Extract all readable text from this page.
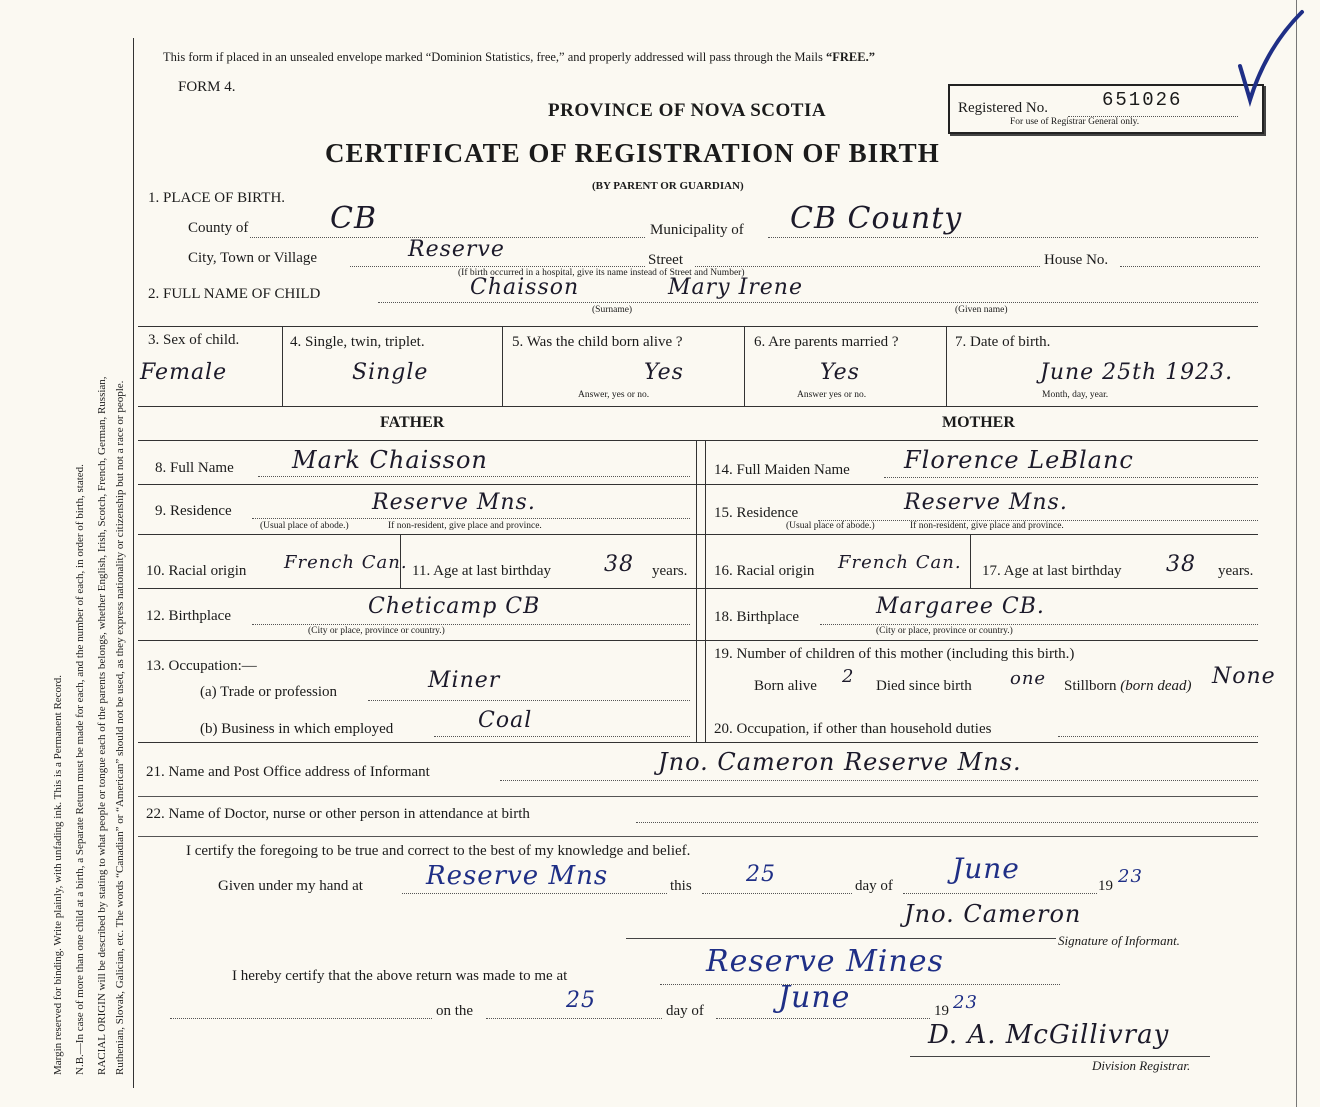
Margin reserved for binding. Write plainly, with unfading ink. This is a Permanent Record. N.B.—In case of more than one child at a birth, a Separate Return must be made for each, and the number of each, in order of birth, stated. RACIAL ORIGIN will be described by stating to what people or tongue each of the parents belongs, whether English, Irish, Scotch, French, German, Russian, Ruthenian, Slovak, Galician, etc. The words “Canadian” or “American” should not be used, as they express nationality or citizenship but not a race or people.
This form if placed in an unsealed envelope marked “Dominion Statistics, free,” and properly addressed will pass through the Mails “FREE.”
FORM 4.
PROVINCE OF NOVA SCOTIA
CERTIFICATE OF REGISTRATION OF BIRTH
(BY PARENT OR GUARDIAN)
Registered No.	651026
For use of Registrar General only.
1. PLACE OF BIRTH.
County of	CB	Municipality of CB County
City, Town or Village	Reserve	Street	House No.
(If birth occurred in a hospital, give its name instead of Street and Number)
2. FULL NAME OF CHILD	Chaisson	Mary Irene
(Surname)	(Given name)
3. Sex of child.
Female
4. Single, twin, triplet.
Single
5. Was the child born alive ?
Yes
Answer, yes or no.
6. Are parents married ?
Yes
Answer yes or no.
7. Date of birth.
June 25th 1923.
Month, day, year.
FATHER	MOTHER
8. Full Name Mark Chaisson
9. Residence	Reserve Mns.
(Usual place of abode.)	If non-resident, give place and province.
10. Racial origin French Can. 11. Age at last birthday 38 years.
12. Birthplace	Cheticamp CB
(City or place, province or country.)
13. Occupation:—
(a) Trade or profession	Miner
(b) Business in which employed	Coal
14. Full Maiden Name Florence LeBlanc
15. Residence	Reserve Mns.
(Usual place of abode.)	If non-resident, give place and province.
16. Racial origin French Can. 17. Age at last birthday 38 years.
18. Birthplace	Margaree CB.
(City or place, province or country.)
19. Number of children of this mother (including this birth.)
Born alive 2 Died since birth one Stillborn (born dead) None
20. Occupation, if other than household duties
21. Name and Post Office address of Informant	Jno. Cameron Reserve Mns.
22. Name of Doctor, nurse or other person in attendance at birth
I certify the foregoing to be true and correct to the best of my knowledge and belief.
Given under my hand at Reserve Mns	this 25	day of
June
19 23
Jno. Cameron
Signature of Informant.
I hereby certify that the above return was made to me at	Reserve Mines
on the	25	day of June	19 23
D. A. McGillivray
Division Registrar.
